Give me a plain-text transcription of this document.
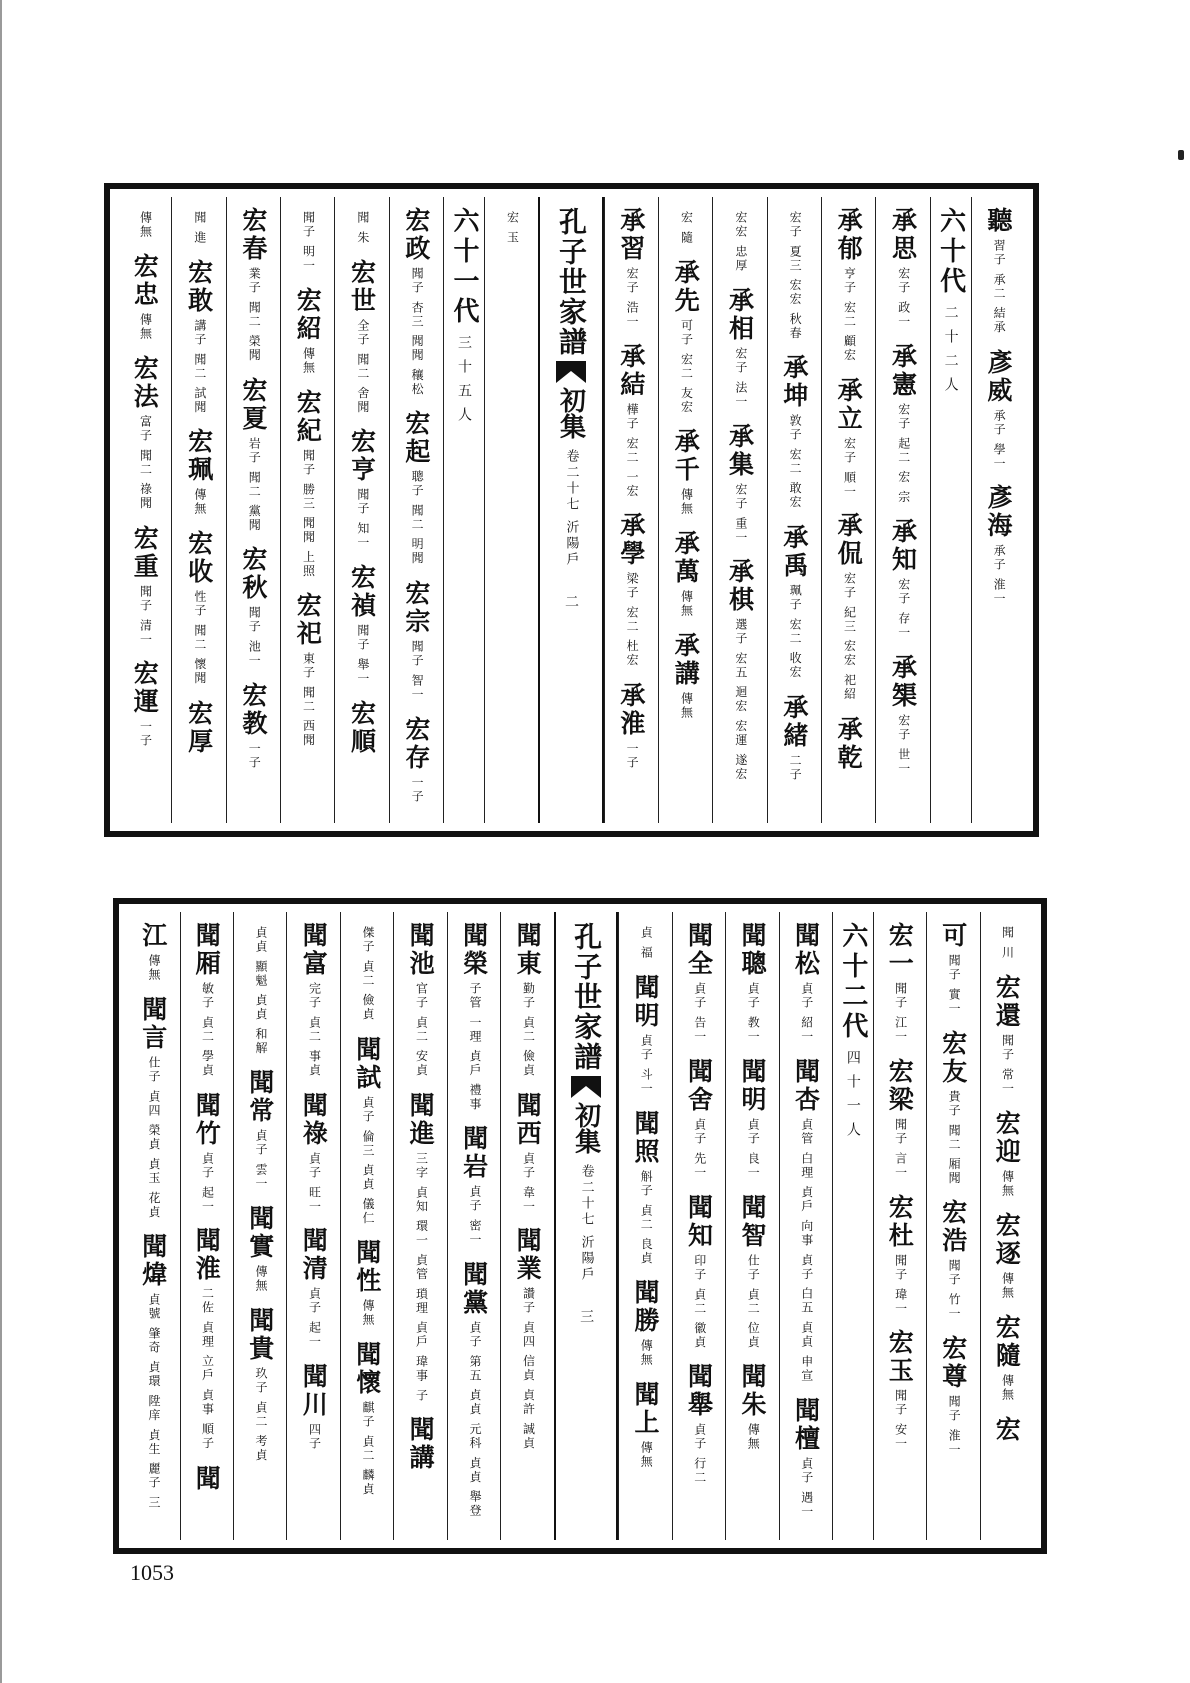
聽
習子 承二 結承
彥威
承子 學一
彥海
承子 淮一
六十代
二十二人
承思
宏子 政一
承憲
宏子 起二 宏 宗
承知
宏子 存一
承榘
宏子 世一
承郁
亨子 宏二 顧宏
承立
宏子 順一
承侃
宏子 紀三 宏宏 祀紹
承乾
宏子 夏三 宏宏 秋春
承坤
敦子 宏二 敢宏
承禹
珮子 宏二 收宏
承緒
二子
宏宏 忠厚
承相
宏子 法一
承集
宏子 重一
承棋
選子 宏五 迴宏 宏運 遂宏
宏 隨
承先
可子 宏二 友宏
承千
傳無
承萬
傳無
承講
傳無
承習
宏子 浩一
承結
樺子 宏二 一宏
承學
梁子 宏二 杜宏
承淮
一子
孔子世家譜
初集
卷二十七 沂陽戶
二
宏 玉
六十一代
三十五人
宏政
聞子 杏三 聞聞 穰松
宏起
聰子 聞二 明聞
宏宗
聞子 智一
宏存
一子
聞 朱
宏世
全子 聞二 舍聞
宏亨
聞子 知一
宏禎
聞子 舉一
宏順
聞子 明一
宏紹
傳無
宏紀
聞子 勝三 聞聞 上照
宏祀
東子 聞二 西聞
宏春
業子 聞二 榮聞
宏夏
岩子 聞二 黨聞
宏秋
聞子 池一
宏教
一子
聞 進
宏敢
講子 聞二 試聞
宏珮
傳無
宏收
性子 聞二 懷聞
宏厚
傳無
宏忠
傳無
宏法
富子 聞二 祿聞
宏重
聞子 清一
宏運
一子
聞 川
宏還
聞子 常一
宏迎
傳無
宏逐
傳無
宏隨
傳無
宏
可
聞子 實一
宏友
貴子 聞二 厢聞
宏浩
聞子 竹一
宏尊
聞子 淮一
宏一
聞子 江一
宏梁
聞子 言一
宏杜
聞子 瑋一
宏玉
聞子 安一
六十二代
四十一人
聞松
貞子 紹一
聞杏
貞管 白理 貞戶 向事 貞子 白五 貞貞 申宣
聞檀
貞子 遇一
聞聰
貞子 教一
聞明
貞子 良一
聞智
仕子 貞二 位貞
聞朱
傳無
聞全
貞子 告一
聞舍
貞子 先一
聞知
印子 貞二 徽貞
聞舉
貞子 行二
貞 福
聞明
貞子 斗一
聞照
斛子 貞二 良貞
聞勝
傳無
聞上
傳無
孔子世家譜
初集
卷二十七 沂陽戶
三
聞東
勤子 貞二 儉貞
聞西
貞子 韋一
聞業
讚子 貞四 信貞 貞許 誠貞
聞榮
子管 一理 貞戶 禮事
聞岩
貞子 密一
聞黨
貞子 第五 貞貞 元科 貞貞 舉登
聞池
官子 貞二 安貞
聞進
三字 貞知 環一 貞管 瑣理 貞戶 瑋事 子
聞講
傑子 貞二 儉貞
聞試
貞子 倫三 貞貞 儀仁
聞性
傳無
聞懷
麒子 貞二 麟貞
聞富
完子 貞二 事貞
聞祿
貞子 旺一
聞清
貞子 起一
聞川
四子
貞貞 顯魁 貞貞 和解
聞常
貞子 雲一
聞實
傳無
聞貴
玖子 貞二 考貞
聞厢
敏子 貞二 學貞
聞竹
貞子 起一
聞淮
二佐 貞理 立戶 貞事 順子
聞
江
傳無
聞言
仕子 貞四 榮貞 貞玉 花貞
聞煒
貞號 肇奇 貞環 陞庠 貞生 麗子 三
1053
